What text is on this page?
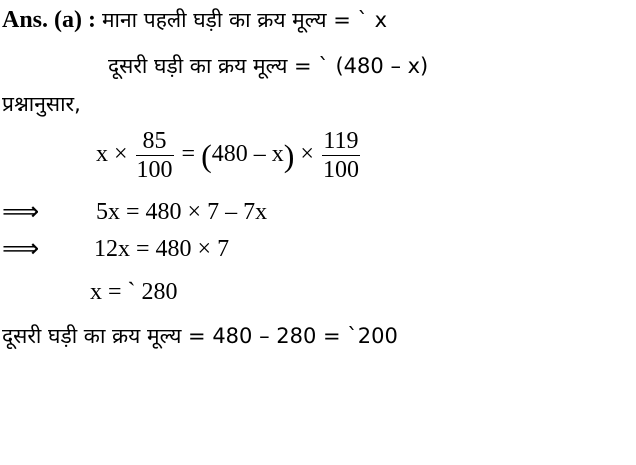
Ans. (a) : माना पहली घड़ी का क्रय मूल्य = ` x
दूसरी घड़ी का क्रय मूल्य = ` (480 – x)
प्रश्नानुसार,
$x \times \frac{85}{100} = (480 - x) \times \frac{119}{100}$
⟹ 5x = 480 × 7 – 7x
⟹ 12x = 480 × 7
x = ` 280
दूसरी घड़ी का क्रय मूल्य = 480 – 280 = `200
